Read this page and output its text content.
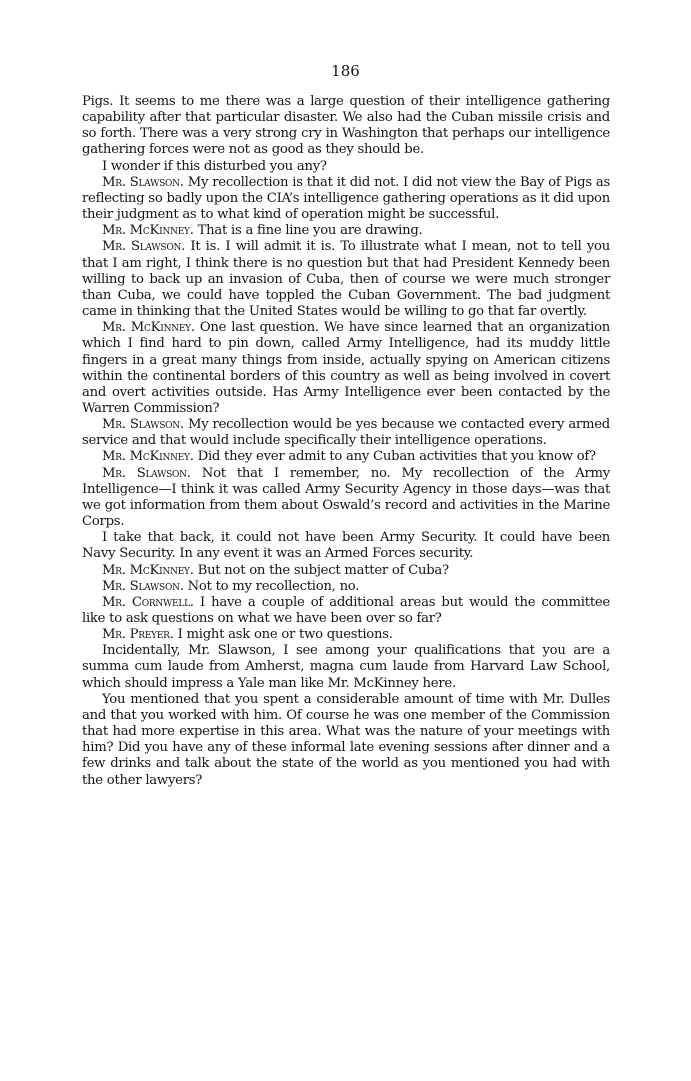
186

Pigs. It seems to me there was a large question of their intelligence gathering capability after that particular disaster. We also had the Cuban missile crisis and so forth. There was a very strong cry in Washington that perhaps our intelligence gathering forces were not as good as they should be.

I wonder if this disturbed you any?

Mr. Slawson. My recollection is that it did not. I did not view the Bay of Pigs as reflecting so badly upon the CIA’s intelligence gathering operations as it did upon their judgment as to what kind of operation might be successful.

Mr. McKinney. That is a fine line you are drawing.

Mr. Slawson. It is. I will admit it is. To illustrate what I mean, not to tell you that I am right, I think there is no question but that had President Kennedy been willing to back up an invasion of Cuba, then of course we were much stronger than Cuba, we could have toppled the Cuban Government. The bad judgment came in thinking that the United States would be willing to go that far overtly.

Mr. McKinney. One last question. We have since learned that an organization which I find hard to pin down, called Army Intelligence, had its muddy little fingers in a great many things from inside, actually spying on American citizens within the continental borders of this country as well as being involved in covert and overt activities outside. Has Army Intelligence ever been contacted by the Warren Commission?

Mr. Slawson. My recollection would be yes because we contacted every armed service and that would include specifically their intelligence operations.

Mr. McKinney. Did they ever admit to any Cuban activities that you know of?

Mr. Slawson. Not that I remember, no. My recollection of the Army Intelligence—I think it was called Army Security Agency in those days—was that we got information from them about Oswald’s record and activities in the Marine Corps.

I take that back, it could not have been Army Security. It could have been Navy Security. In any event it was an Armed Forces security.

Mr. McKinney. But not on the subject matter of Cuba?

Mr. Slawson. Not to my recollection, no.

Mr. Cornwell. I have a couple of additional areas but would the committee like to ask questions on what we have been over so far?

Mr. Preyer. I might ask one or two questions.

Incidentally, Mr. Slawson, I see among your qualifications that you are a summa cum laude from Amherst, magna cum laude from Harvard Law School, which should impress a Yale man like Mr. McKinney here.

You mentioned that you spent a considerable amount of time with Mr. Dulles and that you worked with him. Of course he was one member of the Commission that had more expertise in this area. What was the nature of your meetings with him? Did you have any of these informal late evening sessions after dinner and a few drinks and talk about the state of the world as you mentioned you had with the other lawyers?
